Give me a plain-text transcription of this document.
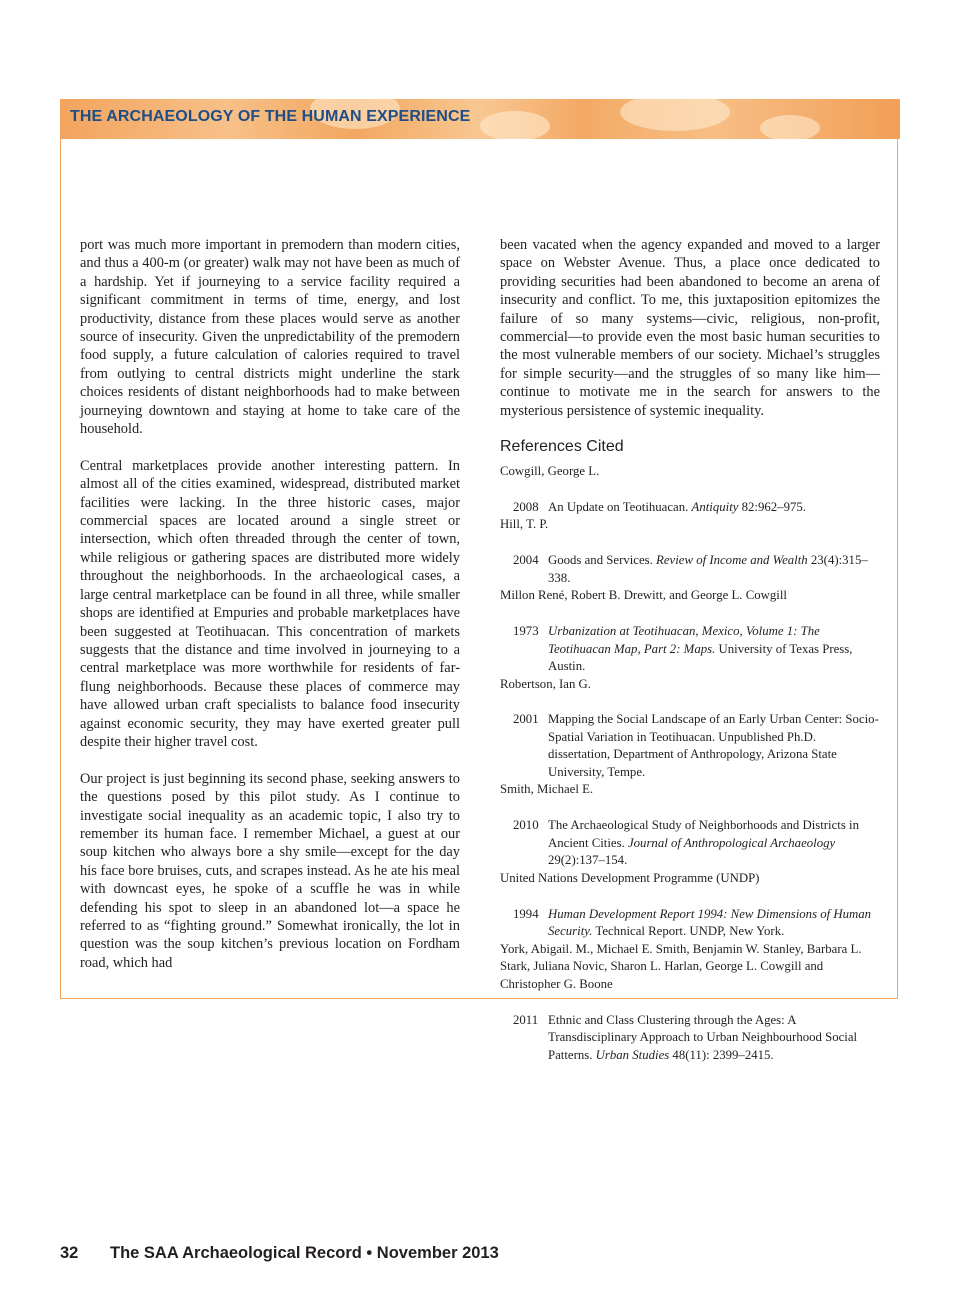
THE ARCHAEOLOGY OF THE HUMAN EXPERIENCE

port was much more important in premodern than modern cities, and thus a 400-m (or greater) walk may not have been as much of a hardship. Yet if journeying to a service facility required a significant commitment in terms of time, energy, and lost productivity, distance from these places would serve as another source of insecurity. Given the unpredictability of the premodern food supply, a future calculation of calories required to travel from outlying to central districts might underline the stark choices residents of distant neighborhoods had to make between journeying downtown and staying at home to take care of the household.

Central marketplaces provide another interesting pattern. In almost all of the cities examined, widespread, distributed market facilities were lacking. In the three historic cases, major commercial spaces are located around a single street or intersection, which often threaded through the center of town, while religious or gathering spaces are distributed more widely throughout the neighborhoods. In the archaeological cases, a large central marketplace can be found in all three, while smaller shops are identified at Empuries and probable marketplaces have been suggested at Teotihuacan. This concentration of markets suggests that the distance and time involved in journeying to a central marketplace was more worthwhile for residents of far-flung neighborhoods. Because these places of commerce may have allowed urban craft specialists to balance food insecurity against economic security, they may have exerted greater pull despite their higher travel cost.

Our project is just beginning its second phase, seeking answers to the questions posed by this pilot study. As I continue to investigate social inequality as an academic topic, I also try to remember its human face. I remember Michael, a guest at our soup kitchen who always bore a shy smile—except for the day his face bore bruises, cuts, and scrapes instead. As he ate his meal with downcast eyes, he spoke of a scuffle he was in while defending his spot to sleep in an abandoned lot—a space he referred to as “fighting ground.” Somewhat ironically, the lot in question was the soup kitchen’s previous location on Fordham road, which had

been vacated when the agency expanded and moved to a larger space on Webster Avenue. Thus, a place once dedicated to providing securities had been abandoned to become an arena of insecurity and conflict. To me, this juxtaposition epitomizes the failure of so many systems—civic, religious, non-profit, commercial—to provide even the most basic human securities to the most vulnerable members of our society. Michael’s struggles for simple security—and the struggles of so many like him—continue to motivate me in the search for answers to the mysterious persistence of systemic inequality.

References Cited

Cowgill, George L.

2008 An Update on Teotihuacan. Antiquity 82:962–975.

Hill, T. P.

2004 Goods and Services. Review of Income and Wealth 23(4):315–338.

Millon René, Robert B. Drewitt, and George L. Cowgill

1973 Urbanization at Teotihuacan, Mexico, Volume 1: The Teotihuacan Map, Part 2: Maps. University of Texas Press, Austin.

Robertson, Ian G.

2001 Mapping the Social Landscape of an Early Urban Center: Socio-Spatial Variation in Teotihuacan. Unpublished Ph.D. dissertation, Department of Anthropology, Arizona State University, Tempe.

Smith, Michael E.

2010 The Archaeological Study of Neighborhoods and Districts in Ancient Cities. Journal of Anthropological Archaeology 29(2):137–154.

United Nations Development Programme (UNDP)

1994 Human Development Report 1994: New Dimensions of Human Security. Technical Report. UNDP, New York.

York, Abigail. M., Michael E. Smith, Benjamin W. Stanley, Barbara L. Stark, Juliana Novic, Sharon L. Harlan, George L. Cowgill and Christopher G. Boone

2011 Ethnic and Class Clustering through the Ages: A Transdisciplinary Approach to Urban Neighbourhood Social Patterns. Urban Studies 48(11): 2399–2415.

32 The SAA Archaeological Record • November 2013
